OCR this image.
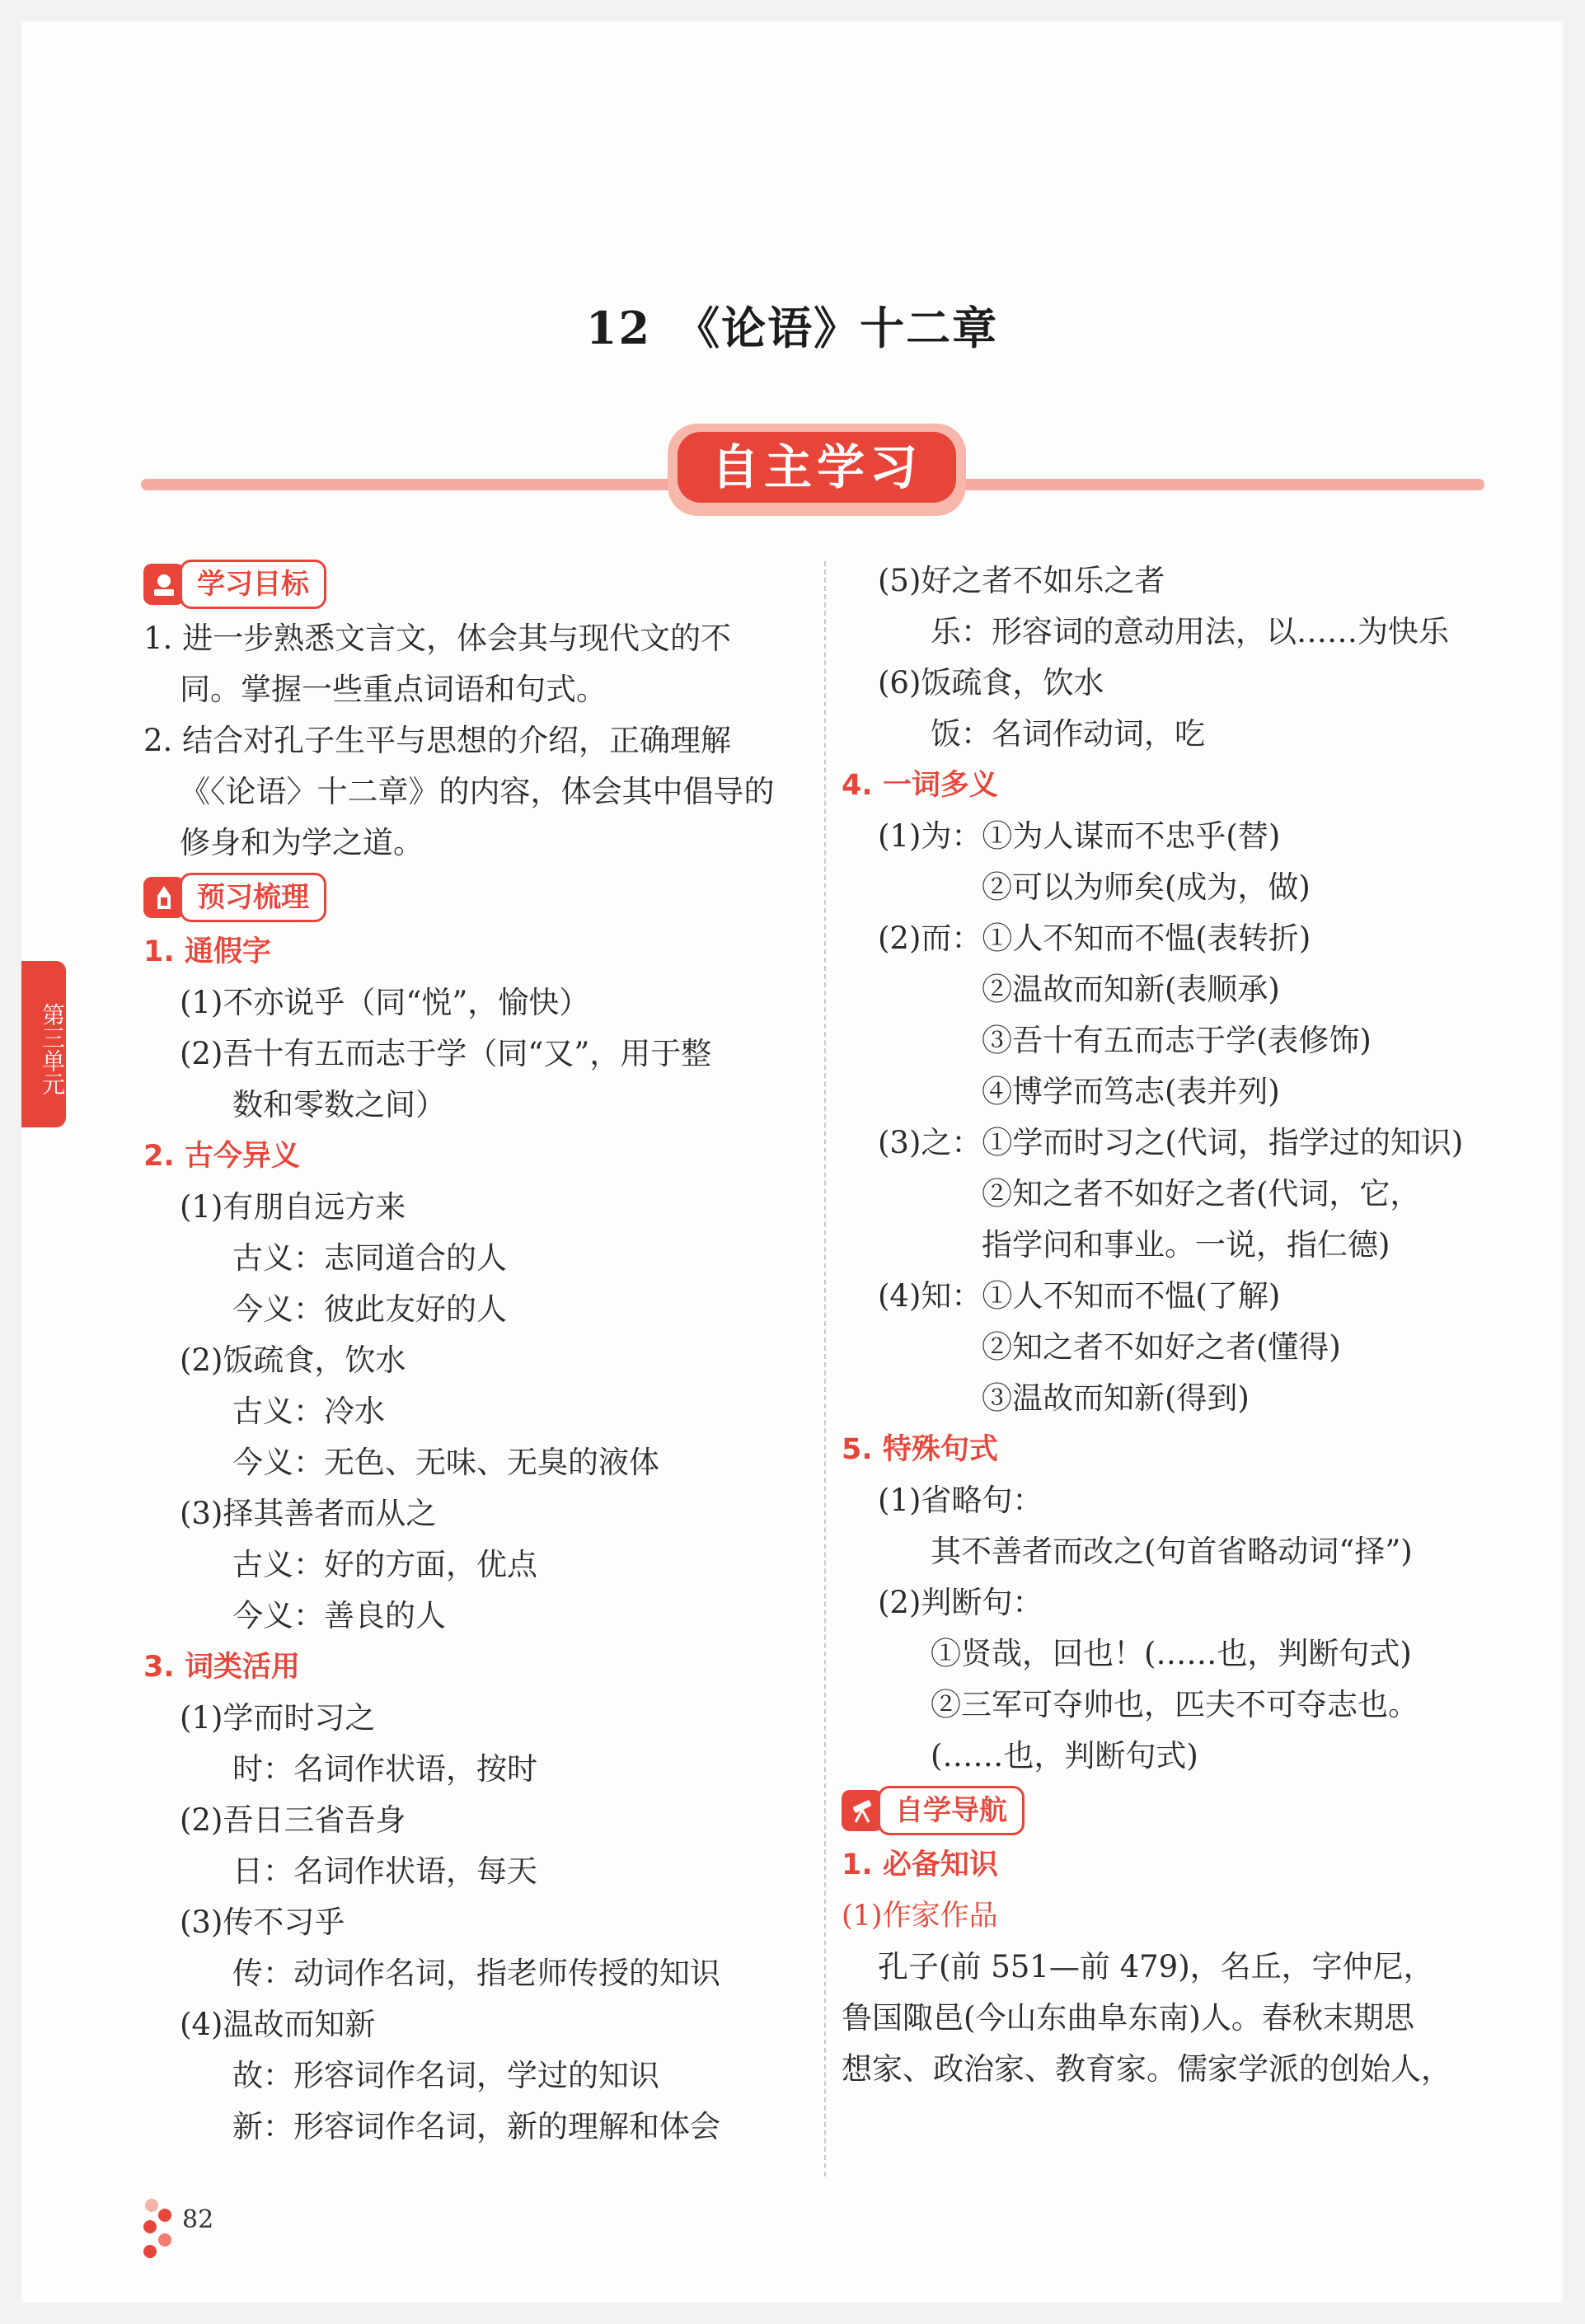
12　《论语》十二章
自主学习
第三单元
学习目标
1. 进一步熟悉文言文，体会其与现代文的不
同。掌握一些重点词语和句式。
2. 结合对孔子生平与思想的介绍，正确理解
《〈论语〉十二章》的内容，体会其中倡导的
修身和为学之道。
预习梳理
1. 通假字
(1)不亦说乎（同“悦”，愉快）
(2)吾十有五而志于学（同“又”，用于整
数和零数之间）
2. 古今异义
(1)有朋自远方来
古义：志同道合的人
今义：彼此友好的人
(2)饭疏食，饮水
古义：冷水
今义：无色、无味、无臭的液体
(3)择其善者而从之
古义：好的方面，优点
今义：善良的人
3. 词类活用
(1)学而时习之
时：名词作状语，按时
(2)吾日三省吾身
日：名词作状语，每天
(3)传不习乎
传：动词作名词，指老师传授的知识
(4)温故而知新
故：形容词作名词，学过的知识
新：形容词作名词，新的理解和体会
(5)好之者不如乐之者
乐：形容词的意动用法，以……为快乐
(6)饭疏食，饮水
饭：名词作动词，吃
4. 一词多义
(1)为：①为人谋而不忠乎(替)
②可以为师矣(成为，做)
(2)而：①人不知而不愠(表转折)
②温故而知新(表顺承)
③吾十有五而志于学(表修饰)
④博学而笃志(表并列)
(3)之：①学而时习之(代词，指学过的知识)
②知之者不如好之者(代词，它，
指学问和事业。一说，指仁德)
(4)知：①人不知而不愠(了解)
②知之者不如好之者(懂得)
③温故而知新(得到)
5. 特殊句式
(1)省略句：
其不善者而改之(句首省略动词“择”)
(2)判断句：
①贤哉，回也！(……也，判断句式)
②三军可夺帅也，匹夫不可夺志也。
(……也，判断句式)
自学导航
1. 必备知识
(1)作家作品
孔子(前 551—前 479)，名丘，字仲尼，
鲁国陬邑(今山东曲阜东南)人。春秋末期思
想家、政治家、教育家。儒家学派的创始人，
82
